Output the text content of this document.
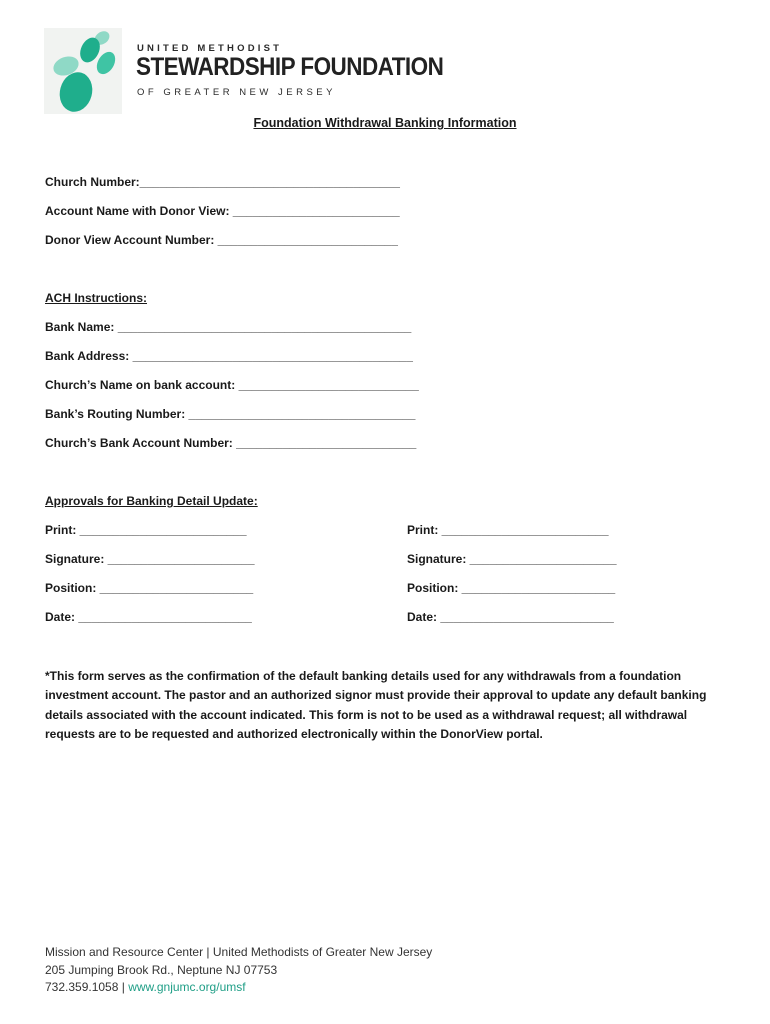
UNITED METHODIST
STEWARDSHIP FOUNDATION
OF GREATER NEW JERSEY
Foundation Withdrawal Banking Information
Church Number:_______________________________________
Account Name with Donor View: _________________________
Donor View Account Number: ___________________________
ACH Instructions:
Bank Name: ____________________________________________
Bank Address: __________________________________________
Church’s Name on bank account: ___________________________
Bank’s Routing Number: __________________________________
Church’s Bank Account Number: ___________________________
Approvals for Banking Detail Update:
Print: _________________________
Signature: ______________________
Position: _______________________
Date: __________________________
Print: _________________________
Signature: ______________________
Position: _______________________
Date: __________________________
*This form serves as the confirmation of the default banking details used for any withdrawals from a foundation investment account. The pastor and an authorized signor must provide their approval to update any default banking details associated with the account indicated. This form is not to be used as a withdrawal request; all withdrawal requests are to be requested and authorized electronically within the DonorView portal.
Mission and Resource Center | United Methodists of Greater New Jersey
205 Jumping Brook Rd., Neptune NJ 07753
732.359.1058 | www.gnjumc.org/umsf
